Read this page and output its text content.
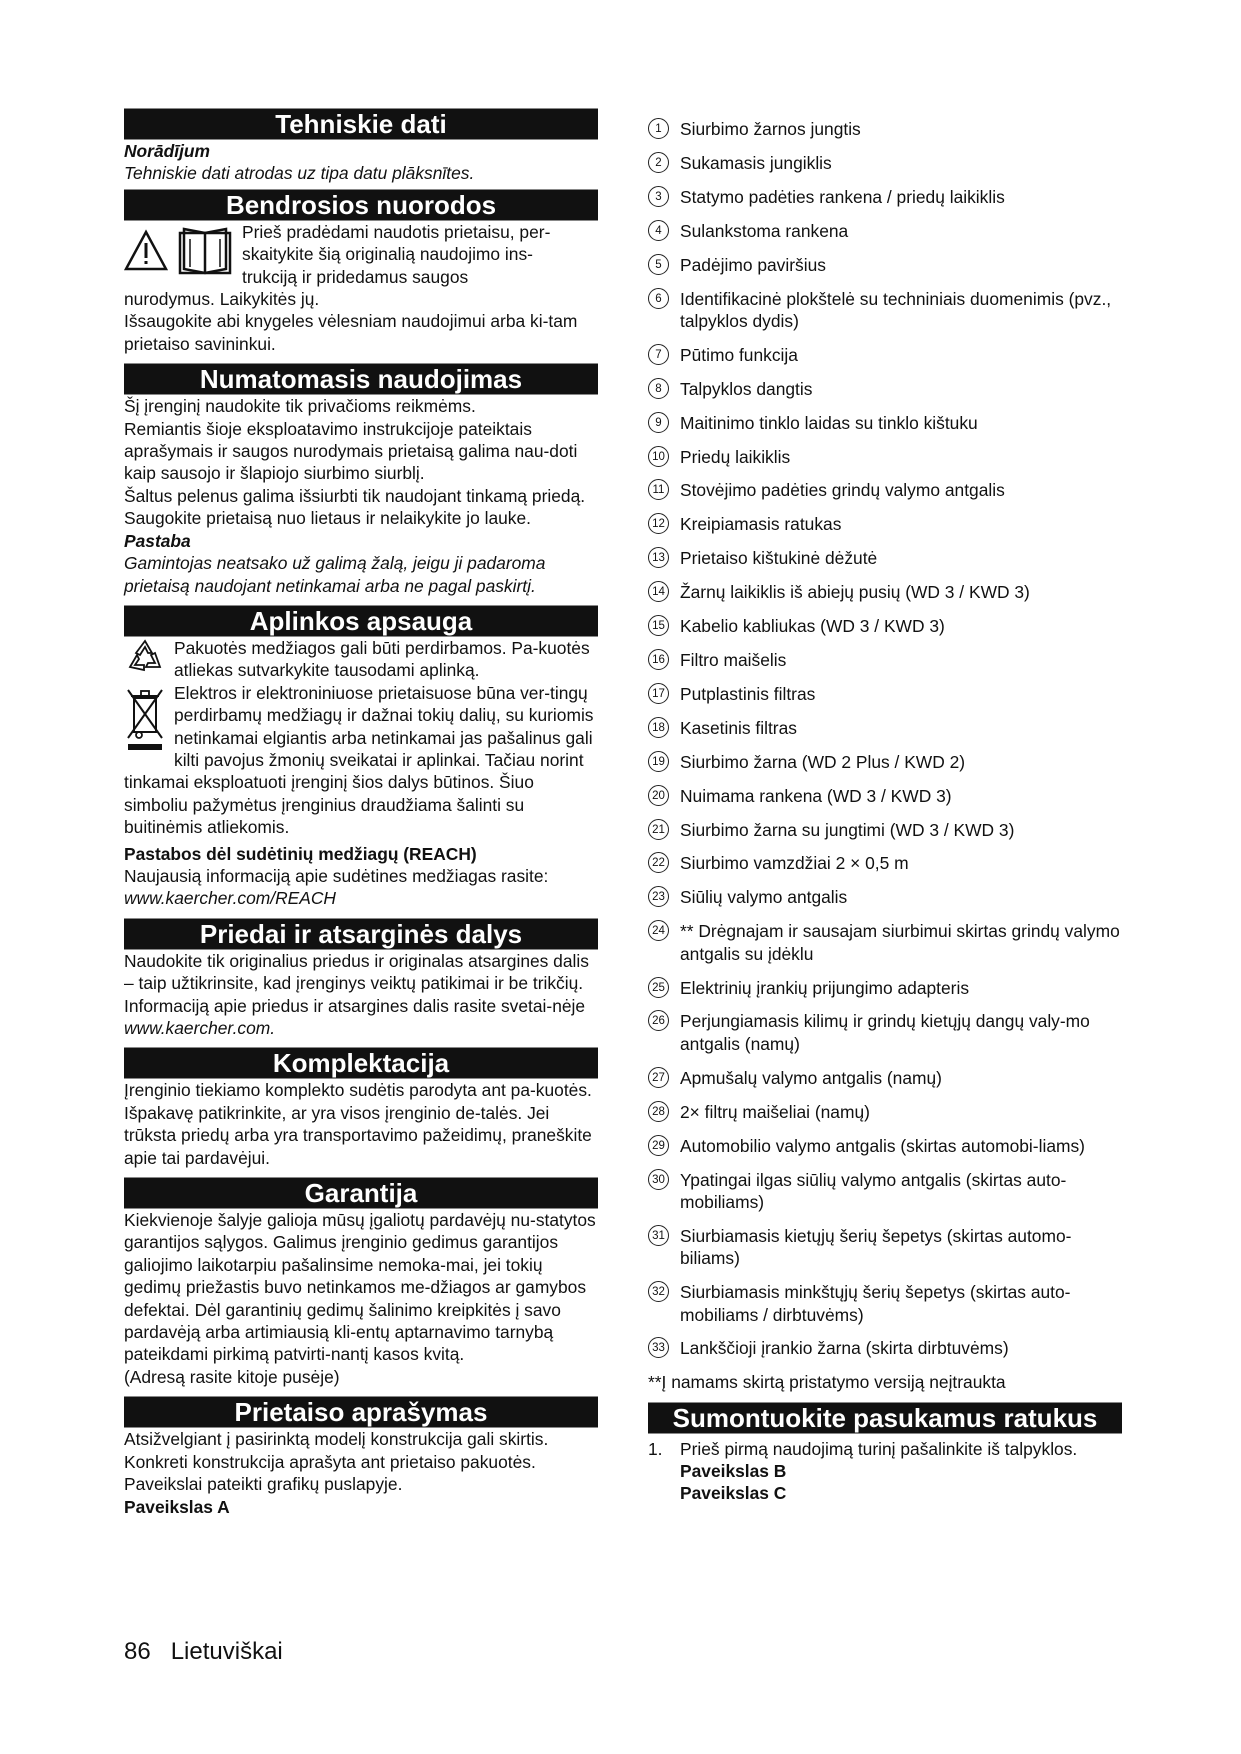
Tehniskie dati

Norādījum

Tehniskie dati atrodas uz tipa datu plāksnītes.

Bendrosios nuorodos

Prieš pradėdami naudotis prietaisu, per-

skaitykite šią originalią naudojimo ins-

trukciją ir pridedamus saugos

nurodymus. Laikykitės jų.

Išsaugokite abi knygeles vėlesniam naudojimui arba ki-tam prietaiso savininkui.

Numatomasis naudojimas

Šį įrenginį naudokite tik privačioms reikmėms.

Remiantis šioje eksploatavimo instrukcijoje pateiktais aprašymais ir saugos nurodymais prietaisą galima nau-doti kaip sausojo ir šlapiojo siurbimo siurblį.

Šaltus pelenus galima išsiurbti tik naudojant tinkamą priedą.

Saugokite prietaisą nuo lietaus ir nelaikykite jo lauke.

Pastaba

Gamintojas neatsako už galimą žalą, jeigu ji padaroma prietaisą naudojant netinkamai arba ne pagal paskirtį.

Aplinkos apsauga

Pakuotės medžiagos gali būti perdirbamos. Pa-kuotės atliekas sutvarkykite tausodami aplinką.

Elektros ir elektroniniuose prietaisuose būna ver-tingų perdirbamų medžiagų ir dažnai tokių dalių, su kuriomis netinkamai elgiantis arba netinkamai jas pašalinus gali kilti pavojus žmonių sveikatai ir aplinkai. Tačiau norint tinkamai eksploatuoti įrenginį šios dalys būtinos. Šiuo simboliu pažymėtus įrenginius draudžiama šalinti su buitinėmis atliekomis.

Pastabos dėl sudėtinių medžiagų (REACH)

Naujausią informaciją apie sudėtines medžiagas rasite:

www.kaercher.com/REACH

Priedai ir atsarginės dalys

Naudokite tik originalius priedus ir originalas atsargines dalis – taip užtikrinsite, kad įrenginys veiktų patikimai ir be trikčių.

Informaciją apie priedus ir atsargines dalis rasite svetai-nėje www.kaercher.com.

Komplektacija

Įrenginio tiekiamo komplekto sudėtis parodyta ant pa-kuotės. Išpakavę patikrinkite, ar yra visos įrenginio de-talės. Jei trūksta priedų arba yra transportavimo pažeidimų, praneškite apie tai pardavėjui.

Garantija

Kiekvienoje šalyje galioja mūsų įgaliotų pardavėjų nu-statytos garantijos sąlygos. Galimus įrenginio gedimus garantijos galiojimo laikotarpiu pašalinsime nemoka-mai, jei tokių gedimų priežastis buvo netinkamos me-džiagos ar gamybos defektai. Dėl garantinių gedimų šalinimo kreipkitės į savo pardavėją arba artimiausią kli-entų aptarnavimo tarnybą pateikdami pirkimą patvirti-nantį kasos kvitą.

(Adresą rasite kitoje pusėje)

Prietaiso aprašymas

Atsižvelgiant į pasirinktą modelį konstrukcija gali skirtis. Konkreti konstrukcija aprašyta ant prietaiso pakuotės.

Paveikslai pateikti grafikų puslapyje.

Paveikslas A

1	Siurbimo žarnos jungtis
2	Sukamasis jungiklis
3	Statymo padėties rankena / priedų laikiklis
4	Sulankstoma rankena
5	Padėjimo paviršius
6	Identifikacinė plokštelė su techniniais duomenimis (pvz., talpyklos dydis)
7	Pūtimo funkcija
8	Talpyklos dangtis
9	Maitinimo tinklo laidas su tinklo kištuku
10 Priedų laikiklis
11 Stovėjimo padėties grindų valymo antgalis
12 Kreipiamasis ratukas
13 Prietaiso kištukinė dėžutė
14 Žarnų laikiklis iš abiejų pusių (WD 3 / KWD 3)
15 Kabelio kabliukas (WD 3 / KWD 3)
16 Filtro maišelis
17 Putplastinis filtras
18 Kasetinis filtras
19 Siurbimo žarna (WD 2 Plus / KWD 2)
20 Nuimama rankena (WD 3 / KWD 3)
21 Siurbimo žarna su jungtimi (WD 3 / KWD 3)
22 Siurbimo vamzdžiai 2 × 0,5 m
23 Siūlių valymo antgalis
24 ** Drėgnajam ir sausajam siurbimui skirtas grindų valymo antgalis su įdėklu
25 Elektrinių įrankių prijungimo adapteris
26 Perjungiamasis kilimų ir grindų kietųjų dangų valy-mo antgalis (namų)
27 Apmušalų valymo antgalis (namų)
28 2× filtrų maišeliai (namų)
29 Automobilio valymo antgalis (skirtas automobi-liams)
30 Ypatingai ilgas siūlių valymo antgalis (skirtas auto-mobiliams)
31 Siurbiamasis kietųjų šerių šepetys (skirtas automo-biliams)
32 Siurbiamasis minkštųjų šerių šepetys (skirtas auto-mobiliams / dirbtuvėms)
33 Lankščioji įrankio žarna (skirta dirbtuvėms)

**Į namams skirtą pristatymo versiją neįtraukta

Sumontuokite pasukamus ratukus
1. Prieš pirmą naudojimą turinį pašalinkite iš talpyklos.
Paveikslas B
Paveikslas C
86 Lietuviškai
